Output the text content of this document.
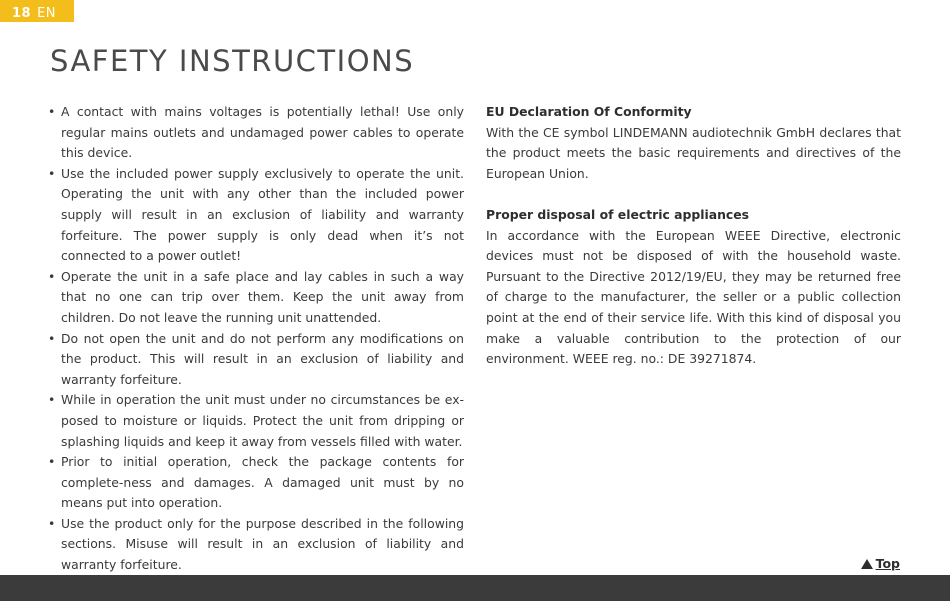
18 EN
SAFETY INSTRUCTIONS
• A contact with mains voltages is potentially lethal! Use only regular mains outlets and undamaged power cables to operate this device.
• Use the included power supply exclusively to operate the unit. Operating the unit with any other than the included power supply will result in an exclusion of liability and warranty forfeiture. The power supply is only dead when it’s not connected to a power outlet!
• Operate the unit in a safe place and lay cables in such a way that no one can trip over them. Keep the unit away from children. Do not leave the running unit unattended.
• Do not open the unit and do not perform any modifications on the product. This will result in an exclusion of liability and warranty forfeiture.
• While in operation the unit must under no circumstances be ex-posed to moisture or liquids. Protect the unit from dripping or splashing liquids and keep it away from vessels filled with water.
• Prior to initial operation, check the package contents for complete-ness and damages. A damaged unit must by no means put into operation.
• Use the product only for the purpose described in the following sections. Misuse will result in an exclusion of liability and warranty forfeiture.
EU Declaration Of Conformity

With the CE symbol LINDEMANN audiotechnik GmbH declares that the product meets the basic requirements and directives of the European Union.

Proper disposal of electric appliances

In accordance with the European WEEE Directive, electronic devices must not be disposed of with the household waste. Pursuant to the Directive 2012/19/EU, they may be returned free of charge to the manufacturer, the seller or a public collection point at the end of their service life. With this kind of disposal you make a valuable contribution to the protection of our environment. WEEE reg. no.: DE 39271874.

Top
